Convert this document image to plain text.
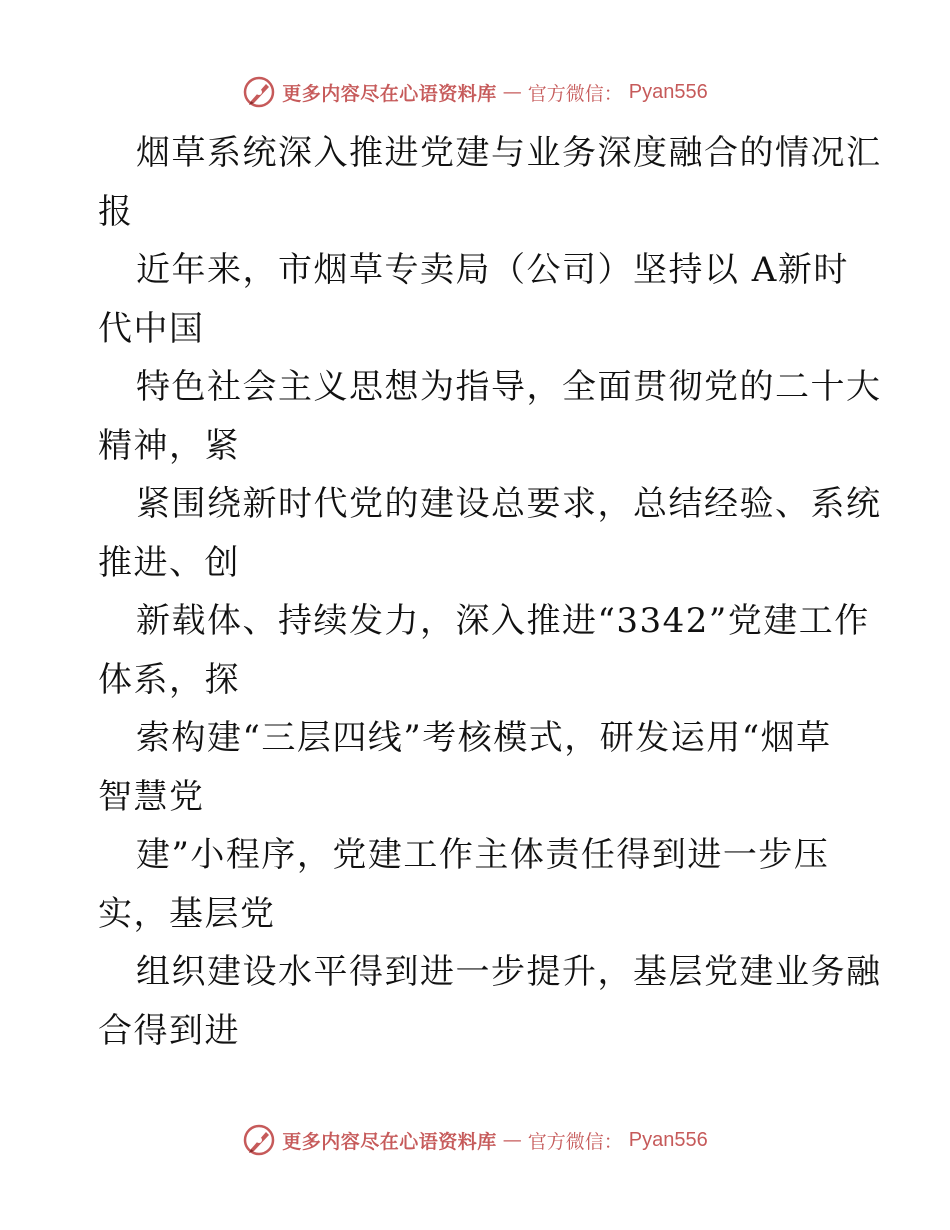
更多内容尽在心语资料库 — 官方微信： Pyan556
烟草系统深入推进党建与业务深度融合的情况汇
报
近年来，市烟草专卖局（公司）坚持以 A新时
代中国
特色社会主义思想为指导，全面贯彻党的二十大
精神，紧
紧围绕新时代党的建设总要求，总结经验、系统
推进、创
新载体、持续发力，深入推进“3342”党建工作
体系，探
索构建“三层四线”考核模式，研发运用“烟草
智慧党
建”小程序，党建工作主体责任得到进一步压
实，基层党
组织建设水平得到进一步提升，基层党建业务融
合得到进
更多内容尽在心语资料库 — 官方微信： Pyan556
